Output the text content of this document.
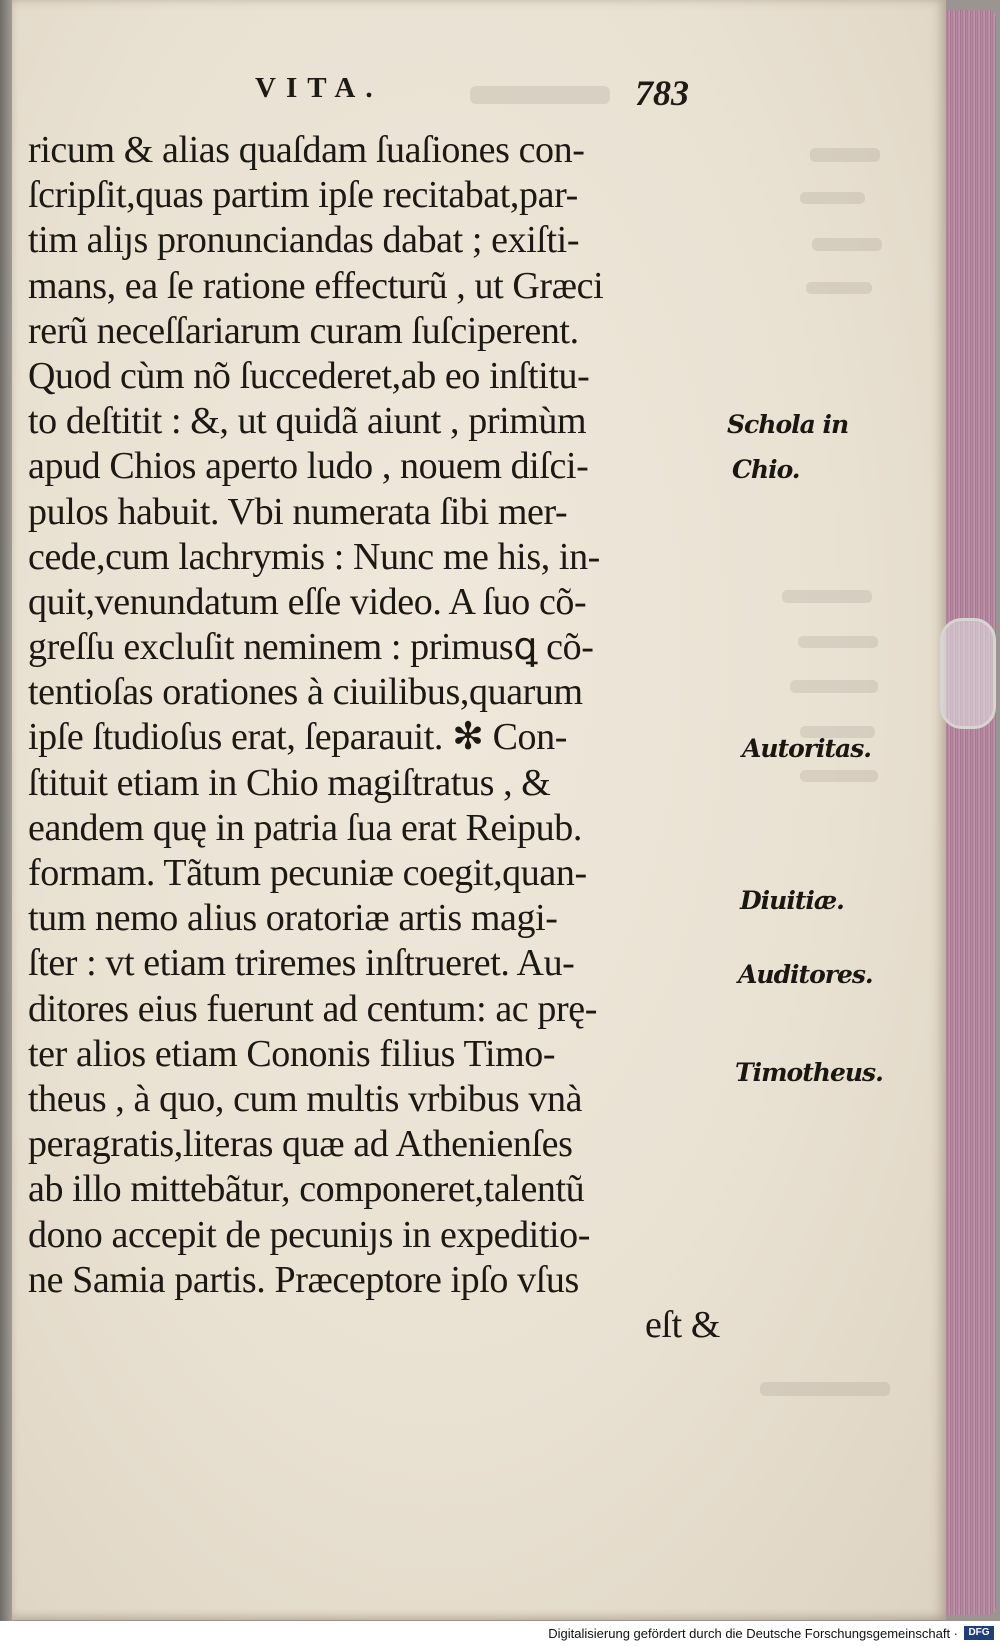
VITA.	783
ricum & alias quaſdam ſuaſiones con-
ſcripſit,quas partim ipſe recitabat,par-
tim aliȷs pronunciandas dabat ; exiſti-
mans, ea ſe ratione effecturũ , ut Græci
rerũ neceſſariarum curam ſuſciperent.
Quod cùm nõ ſuccederet,ab eo inſtitu-
to deſtitit : &, ut quidã aiunt , primùm
apud Chios aperto ludo , nouem diſci-
pulos habuit. Vbi numerata ſibi mer-
cede,cum lachrymis : Nunc me his, in-
quit,venundatum eſſe video. A ſuo cõ-
greſſu excluſit neminem : primusꝗ cõ-
tentioſas orationes à ciuilibus,quarum
ipſe ſtudioſus erat, ſeparauit. ✻ Con-
ſtituit etiam in Chio magiſtratus , &
eandem quę in patria ſua erat Reipub.
formam. Tãtum pecuniæ coegit,quan-
tum nemo alius oratoriæ artis magi-
ſter : vt etiam triremes inſtrueret. Au-
ditores eius fuerunt ad centum: ac prę-
ter alios etiam Cononis filius Timo-
theus , à quo, cum multis vrbibus vnà
peragratis,literas quæ ad Athenienſes
ab illo mittebãtur, componeret,talentũ
dono accepit de pecuniȷs in expeditio-
ne Samia partis. Præceptore ipſo vſus
eſt &
Schola in
Chio.
Autoritas.
Diuitiæ.
Auditores.
Timotheus.
Digitalisierung gefördert durch die Deutsche Forschungsgemeinschaft ·	DFG
